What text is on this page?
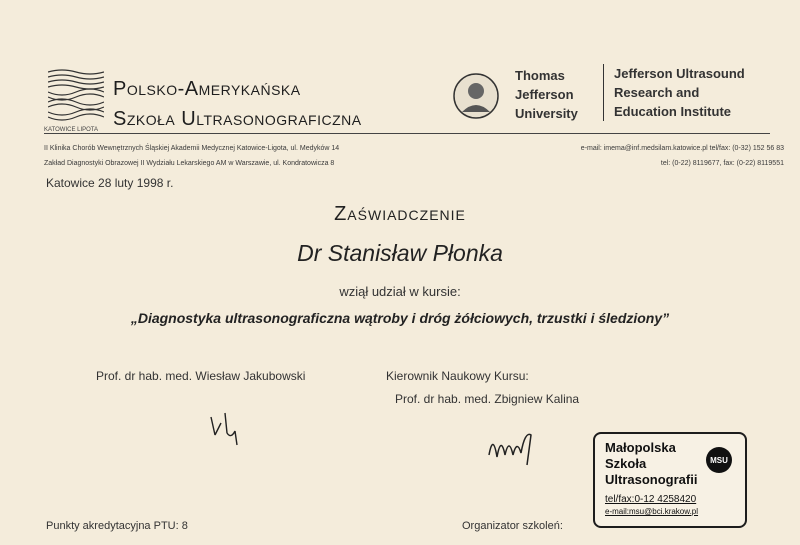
Polsko-Amerykańska
Szkoła Ultrasonograficzna
KATOWICE LIPOTA
Thomas
Jefferson
University
Jefferson Ultrasound
Research and
Education Institute
II Klinika Chorób Wewnętrznych Śląskiej Akademii Medycznej Katowice-Ligota, ul. Medyków 14	e-mail: imema@inf.medsilam.katowice.pl tel/fax: (0-32) 152 56 83
Zakład Diagnostyki Obrazowej II Wydziału Lekarskiego AM w Warszawie, ul. Kondratowicza 8	tel: (0-22) 8119677, fax: (0-22) 8119551
Katowice 28 luty 1998 r.
Zaświadczenie
Dr Stanisław Płonka
wziął udział w kursie:
„Diagnostyka ultrasonograficzna wątroby i dróg żółciowych, trzustki i śledziony”
Prof. dr hab. med. Wiesław Jakubowski	Kierownik Naukowy Kursu:
Prof. dr hab. med. Zbigniew Kalina
Małopolska
Szkoła
Ultrasonografii
MSU
tel/fax:0-12 4258420
e-mail:msu@bci.krakow.pl
Punkty akredytacyjna PTU: 8	Organizator szkoleń:
